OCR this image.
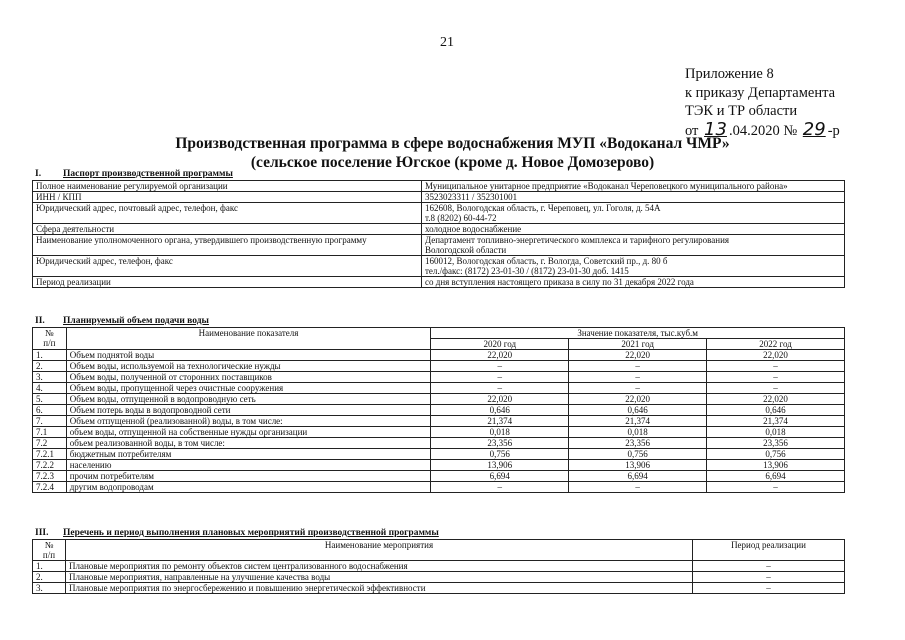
21
Приложение 8
к приказу Департамента
ТЭК и ТР области
от 13 .04.2020 № 29 -р
Производственная программа в сфере водоснабжения МУП «Водоканал ЧМР»
(сельское поселение Югское (кроме д. Новое Домозерово)
I. Паспорт производственной программы
Полное наименование регулируемой организации	Муниципальное унитарное предприятие «Водоканал Череповецкого муниципального района»

ИНН / КПП	3523023311 / 352301001

Юридический адрес, почтовый адрес, телефон, факс	162608, Вологодская область, г. Череповец, ул. Гоголя, д. 54А
т.8 (8202) 60-44-72

Сфера деятельности	холодное водоснабжение

Наименование уполномоченного органа, утвердившего производственную программу	Департамент топливно-энергетического комплекса и тарифного регулирования
Вологодской области

Юридический адрес, телефон, факс	160012, Вологодская область, г. Вологда, Советский пр., д. 80 б
тел./факс: (8172) 23-01-30 / (8172) 23-01-30 доб. 1415

Период реализации	со дня вступления настоящего приказа в силу по 31 декабря 2022 года
II. Планируемый объем подачи воды
№
п/п	Наименование показателя	Значение показателя, тыс.куб.м		
		2020 год	2021 год	2022 год
1.	Объем поднятой воды	22,020	22,020	22,020
2.	Объем воды, используемой на технологические нужды	–	–	–
3.	Объем воды, полученной от сторонних поставщиков	–	–	–
4.	Объем воды, пропущенной через очистные сооружения	–	–	–
5.	Объем воды, отпущенной в водопроводную сеть	22,020	22,020	22,020
6.	Объем потерь воды в водопроводной сети	0,646	0,646	0,646
7.	Объем отпущенной (реализованной) воды, в том числе:	21,374	21,374	21,374
7.1	объем воды, отпущенной на собственные нужды организации	0,018	0,018	0,018
7.2	объем реализованной воды, в том числе:	23,356	23,356	23,356
7.2.1	бюджетным потребителям	0,756	0,756	0,756
7.2.2	населению	13,906	13,906	13,906
7.2.3	прочим потребителям	6,694	6,694	6,694
7.2.4	другим водопроводам	–	–	–
III. Перечень и период выполнения плановых мероприятий производственной программы
№
п/п	Наименование мероприятия	Период реализации
1.	Плановые мероприятия по ремонту объектов систем централизованного водоснабжения	–
2.	Плановые мероприятия, направленные на улучшение качества воды	–
3.	Плановые мероприятия по энергосбережению и повышению энергетической эффективности	–
